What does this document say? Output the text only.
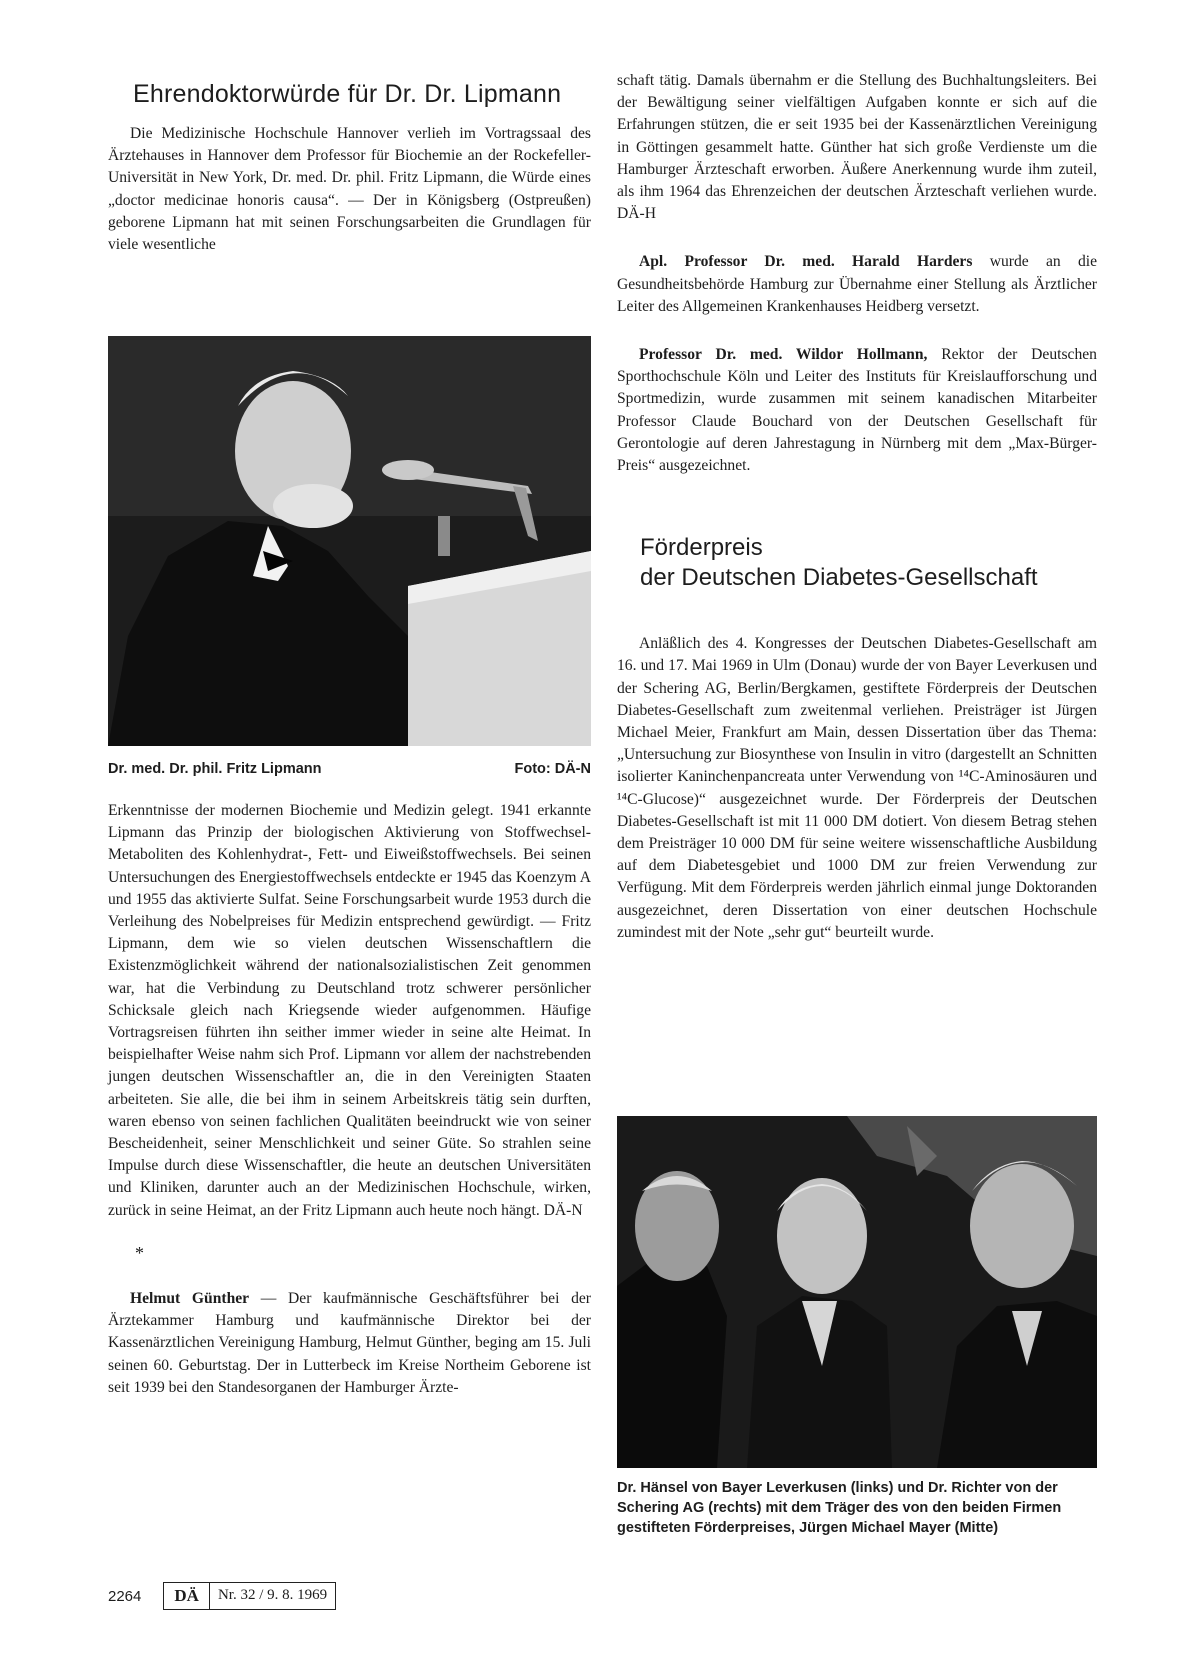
Ehrendoktorwürde für Dr. Dr. Lipmann

Die Medizinische Hochschule Hannover verlieh im Vortragssaal des Ärztehauses in Hannover dem Professor für Biochemie an der Rockefeller-Universität in New York, Dr. med. Dr. phil. Fritz Lipmann, die Würde eines „doctor medicinae honoris causa“. — Der in Königsberg (Ostpreußen) geborene Lipmann hat mit seinen Forschungsarbeiten die Grundlagen für viele wesentliche

Dr. med. Dr. phil. Fritz Lipmann	Foto: DÄ-N

Erkenntnisse der modernen Biochemie und Medizin gelegt. 1941 erkannte Lipmann das Prinzip der biologischen Aktivierung von Stoffwechsel-Metaboliten des Kohlenhydrat-, Fett- und Eiweißstoffwechsels. Bei seinen Untersuchungen des Energiestoffwechsels entdeckte er 1945 das Koenzym A und 1955 das aktivierte Sulfat. Seine Forschungsarbeit wurde 1953 durch die Verleihung des Nobelpreises für Medizin entsprechend gewürdigt. — Fritz Lipmann, dem wie so vielen deutschen Wissenschaftlern die Existenzmöglichkeit während der nationalsozialistischen Zeit genommen war, hat die Verbindung zu Deutschland trotz schwerer persönlicher Schicksale gleich nach Kriegsende wieder aufgenommen. Häufige Vortragsreisen führten ihn seither immer wieder in seine alte Heimat. In beispielhafter Weise nahm sich Prof. Lipmann vor allem der nachstrebenden jungen deutschen Wissenschaftler an, die in den Vereinigten Staaten arbeiteten. Sie alle, die bei ihm in seinem Arbeitskreis tätig sein durften, waren ebenso von seinen fachlichen Qualitäten beeindruckt wie von seiner Bescheidenheit, seiner Menschlichkeit und seiner Güte. So strahlen seine Impulse durch diese Wissenschaftler, die heute an deutschen Universitäten und Kliniken, darunter auch an der Medizinischen Hochschule, wirken, zurück in seine Heimat, an der Fritz Lipmann auch heute noch hängt. DÄ-N

*

Helmut Günther — Der kaufmännische Geschäftsführer bei der Ärztekammer Hamburg und kaufmännische Direktor bei der Kassenärztlichen Vereinigung Hamburg, Helmut Günther, beging am 15. Juli seinen 60. Geburtstag. Der in Lutterbeck im Kreise Northeim Geborene ist seit 1939 bei den Standesorganen der Hamburger Ärzte-

schaft tätig. Damals übernahm er die Stellung des Buchhaltungsleiters. Bei der Bewältigung seiner vielfältigen Aufgaben konnte er sich auf die Erfahrungen stützen, die er seit 1935 bei der Kassenärztlichen Vereinigung in Göttingen gesammelt hatte. Günther hat sich große Verdienste um die Hamburger Ärzteschaft erworben. Äußere Anerkennung wurde ihm zuteil, als ihm 1964 das Ehrenzeichen der deutschen Ärzteschaft verliehen wurde. DÄ-H

Apl. Professor Dr. med. Harald Harders wurde an die Gesundheitsbehörde Hamburg zur Übernahme einer Stellung als Ärztlicher Leiter des Allgemeinen Krankenhauses Heidberg versetzt.

Professor Dr. med. Wildor Hollmann, Rektor der Deutschen Sporthochschule Köln und Leiter des Instituts für Kreislaufforschung und Sportmedizin, wurde zusammen mit seinem kanadischen Mitarbeiter Professor Claude Bouchard von der Deutschen Gesellschaft für Gerontologie auf deren Jahrestagung in Nürnberg mit dem „Max-Bürger-Preis“ ausgezeichnet.

Förderpreis
der Deutschen Diabetes-Gesellschaft

Anläßlich des 4. Kongresses der Deutschen Diabetes-Gesellschaft am 16. und 17. Mai 1969 in Ulm (Donau) wurde der von Bayer Leverkusen und der Schering AG, Berlin/Bergkamen, gestiftete Förderpreis der Deutschen Diabetes-Gesellschaft zum zweitenmal verliehen. Preisträger ist Jürgen Michael Meier, Frankfurt am Main, dessen Dissertation über das Thema: „Untersuchung zur Biosynthese von Insulin in vitro (dargestellt an Schnitten isolierter Kaninchenpancreata unter Verwendung von ¹⁴C-Aminosäuren und ¹⁴C-Glucose)“ ausgezeichnet wurde. Der Förderpreis der Deutschen Diabetes-Gesellschaft ist mit 11 000 DM dotiert. Von diesem Betrag stehen dem Preisträger 10 000 DM für seine weitere wissenschaftliche Ausbildung auf dem Diabetesgebiet und 1000 DM zur freien Verwendung zur Verfügung. Mit dem Förderpreis werden jährlich einmal junge Doktoranden ausgezeichnet, deren Dissertation von einer deutschen Hochschule zumindest mit der Note „sehr gut“ beurteilt wurde.

Dr. Hänsel von Bayer Leverkusen (links) und Dr. Richter von der Schering AG (rechts) mit dem Träger des von den beiden Firmen gestifteten Förderpreises, Jürgen Michael Mayer (Mitte)
2264	DÄ	Nr. 32 / 9. 8. 1969
